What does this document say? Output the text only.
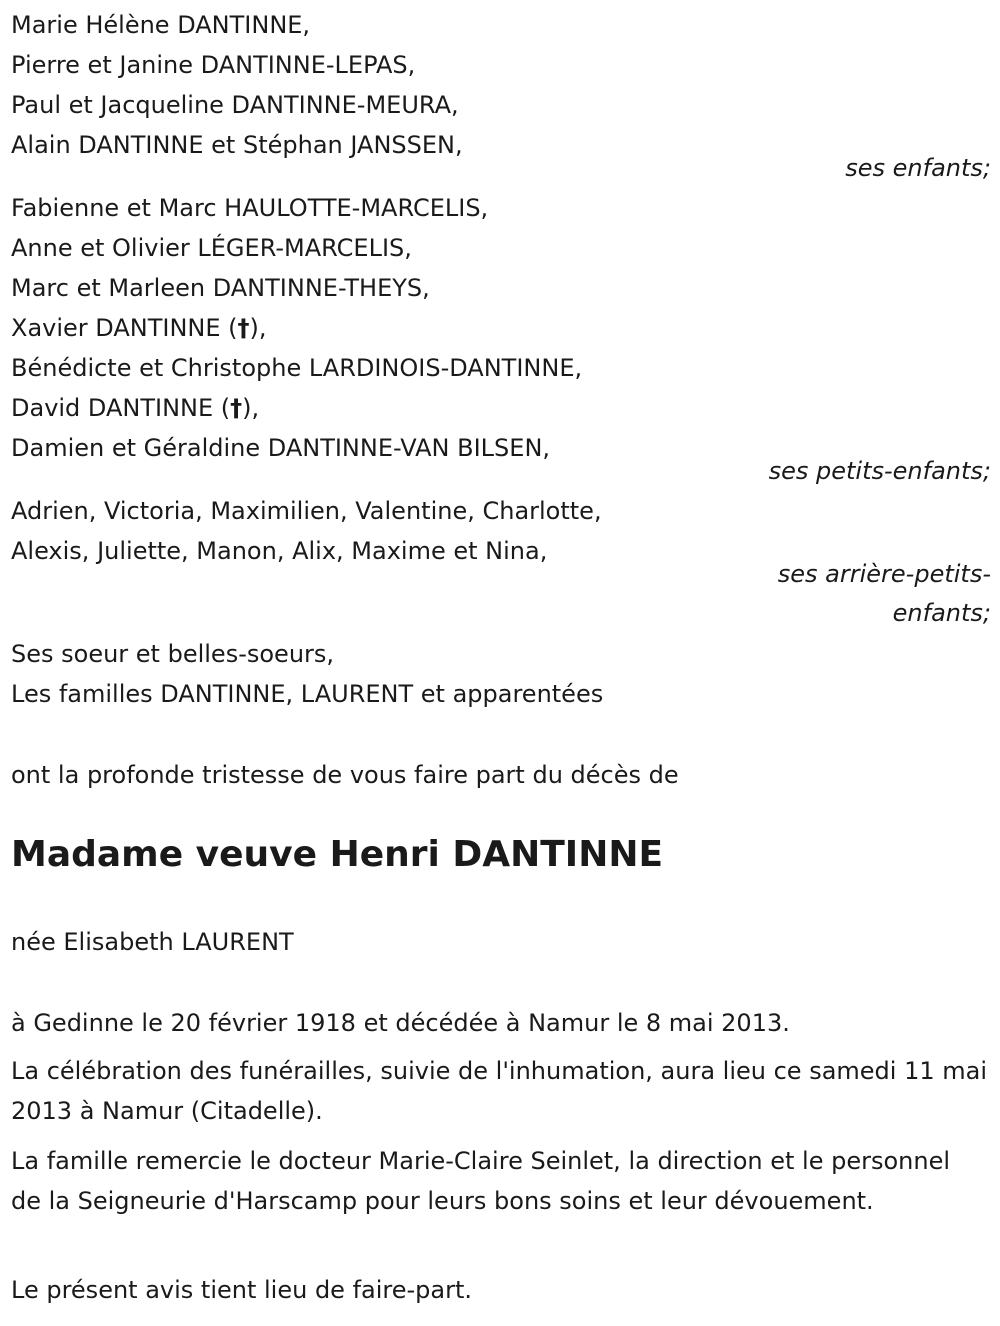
Marie Hélène DANTINNE,
Pierre et Janine DANTINNE-LEPAS,
Paul et Jacqueline DANTINNE-MEURA,
Alain DANTINNE et Stéphan JANSSEN,
ses enfants;
Fabienne et Marc HAULOTTE-MARCELIS,
Anne et Olivier LÉGER-MARCELIS,
Marc et Marleen DANTINNE-THEYS,
Xavier DANTINNE (†),
Bénédicte et Christophe LARDINOIS-DANTINNE,
David DANTINNE (†),
Damien et Géraldine DANTINNE-VAN BILSEN,
ses petits-enfants;
Adrien, Victoria, Maximilien, Valentine, Charlotte,
Alexis, Juliette, Manon, Alix, Maxime et Nina,
ses arrière-petits-
enfants;
Ses soeur et belles-soeurs,
Les familles DANTINNE, LAURENT et apparentées
ont la profonde tristesse de vous faire part du décès de
Madame veuve Henri DANTINNE
née Elisabeth LAURENT
à Gedinne le 20 février 1918 et décédée à Namur le 8 mai 2013.
La célébration des funérailles, suivie de l'inhumation, aura lieu ce samedi 11 mai 2013 à Namur (Citadelle).
La famille remercie le docteur Marie-Claire Seinlet, la direction et le personnel de la Seigneurie d'Harscamp pour leurs bons soins et leur dévouement.
Le présent avis tient lieu de faire-part.
